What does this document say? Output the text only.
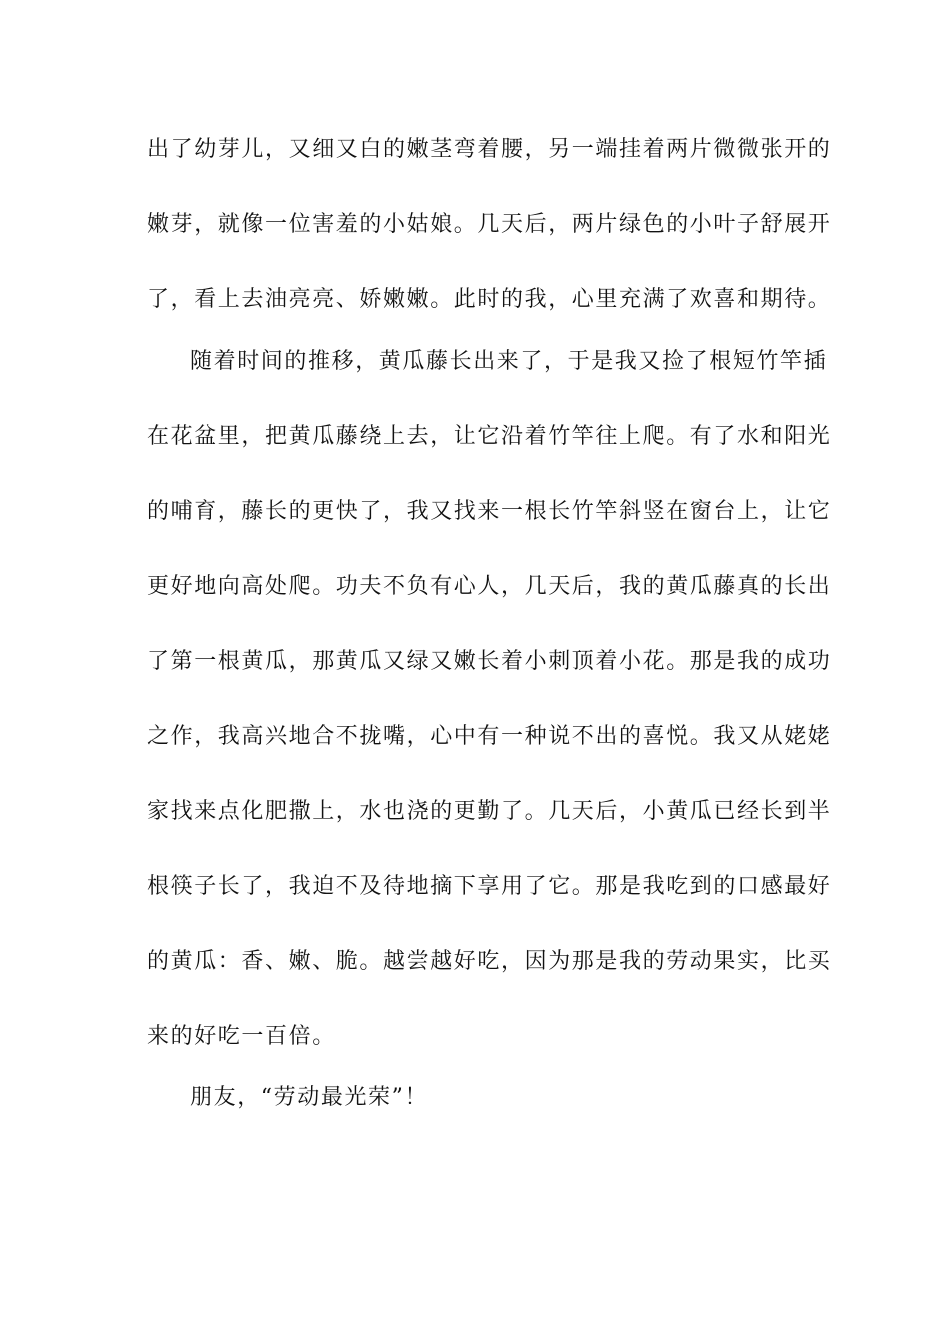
出了幼芽儿，又细又白的嫩茎弯着腰，另一端挂着两片微微张开的
嫩芽，就像一位害羞的小姑娘。几天后，两片绿色的小叶子舒展开
了，看上去油亮亮、娇嫩嫩。此时的我，心里充满了欢喜和期待。
随着时间的推移，黄瓜藤长出来了，于是我又捡了根短竹竿插
在花盆里，把黄瓜藤绕上去，让它沿着竹竿往上爬。有了水和阳光
的哺育，藤长的更快了，我又找来一根长竹竿斜竖在窗台上，让它
更好地向高处爬。功夫不负有心人，几天后，我的黄瓜藤真的长出
了第一根黄瓜，那黄瓜又绿又嫩长着小刺顶着小花。那是我的成功
之作，我高兴地合不拢嘴，心中有一种说不出的喜悦。我又从姥姥
家找来点化肥撒上，水也浇的更勤了。几天后，小黄瓜已经长到半
根筷子长了，我迫不及待地摘下享用了它。那是我吃到的口感最好
的黄瓜：香、嫩、脆。越尝越好吃，因为那是我的劳动果实，比买
来的好吃一百倍。
朋友，“劳动最光荣”！
